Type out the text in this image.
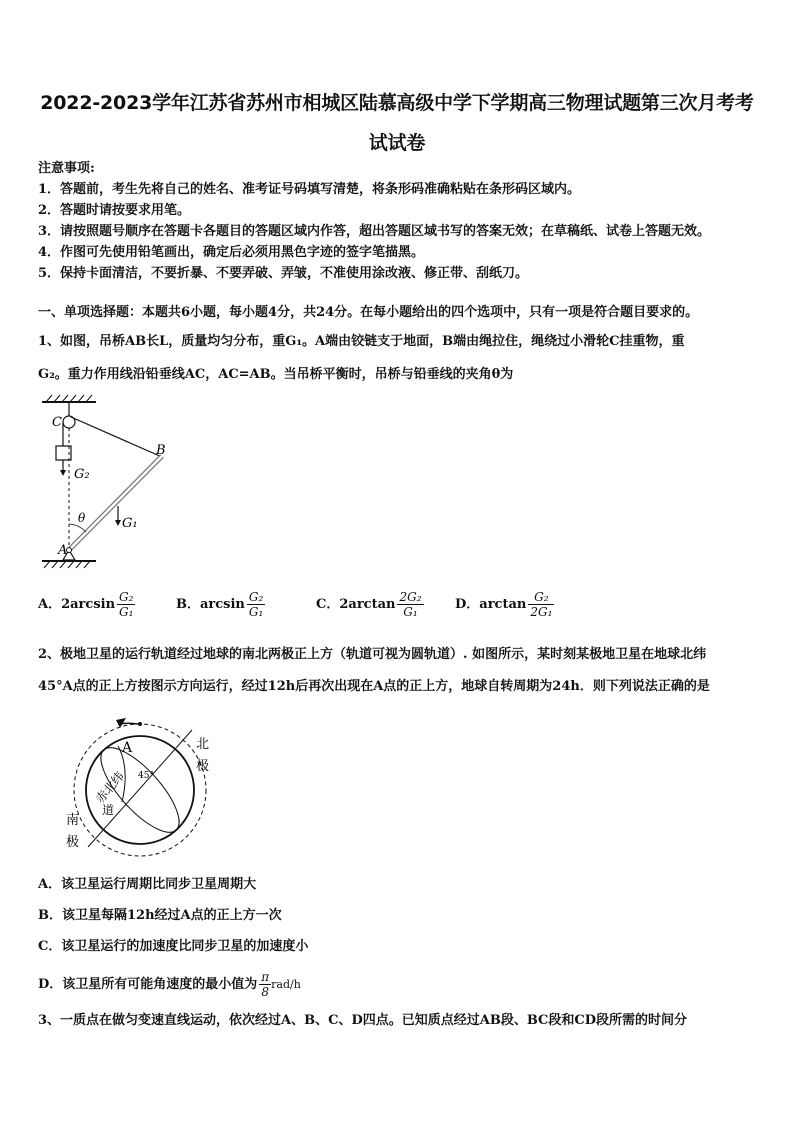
2022-2023学年江苏省苏州市相城区陆慕高级中学下学期高三物理试题第三次月考考
试试卷
注意事项:
1．答题前，考生先将自己的姓名、准考证号码填写清楚，将条形码准确粘贴在条形码区域内。
2．答题时请按要求用笔。
3．请按照题号顺序在答题卡各题目的答题区域内作答，超出答题区域书写的答案无效；在草稿纸、试卷上答题无效。
4．作图可先使用铅笔画出，确定后必须用黑色字迹的签字笔描黑。
5．保持卡面清洁，不要折暴、不要弄破、弄皱，不准使用涂改液、修正带、刮纸刀。
一、单项选择题：本题共6小题，每小题4分，共24分。在每小题给出的四个选项中，只有一项是符合题目要求的。
1、如图，吊桥AB长L，质量均匀分布，重G₁。A端由铰链支于地面，B端由绳拉住，绳绕过小滑轮C挂重物，重
G₂。重力作用线沿铅垂线AC，AC=AB。当吊桥平衡时，吊桥与铅垂线的夹角θ为
C
B
A
G₂
G₁
θ
A．$2\arcsin \frac{\text{G₂}}{\text{G₁}}$	B．$\arcsin \frac{\text{G₂}}{\text{G₁}}$	C．$2\arctan \frac{\text{2G₂}}{\text{G₁}}$ D．$\arctan \frac{\text{G₂}}{\text{2G₁}}$
2、极地卫星的运行轨道经过地球的南北两极正上方（轨道可视为圆轨道）. 如图所示，某时刻某极地卫星在地球北纬
45°A点的正上方按图示方向运行，经过12h后再次出现在A点的正上方，地球自转周期为24h．则下列说法正确的是
A
45°
北
极
赤北纬
道
南
极
A．该卫星运行周期比同步卫星周期大
B．该卫星每隔12h经过A点的正上方一次
C．该卫星运行的加速度比同步卫星的加速度小
D．该卫星所有可能角速度的最小值为 $\frac{\pi}{8} rad/h$
3、一质点在做匀变速直线运动，依次经过A、B、C、D四点。已知质点经过AB段、BC段和CD段所需的时间分
